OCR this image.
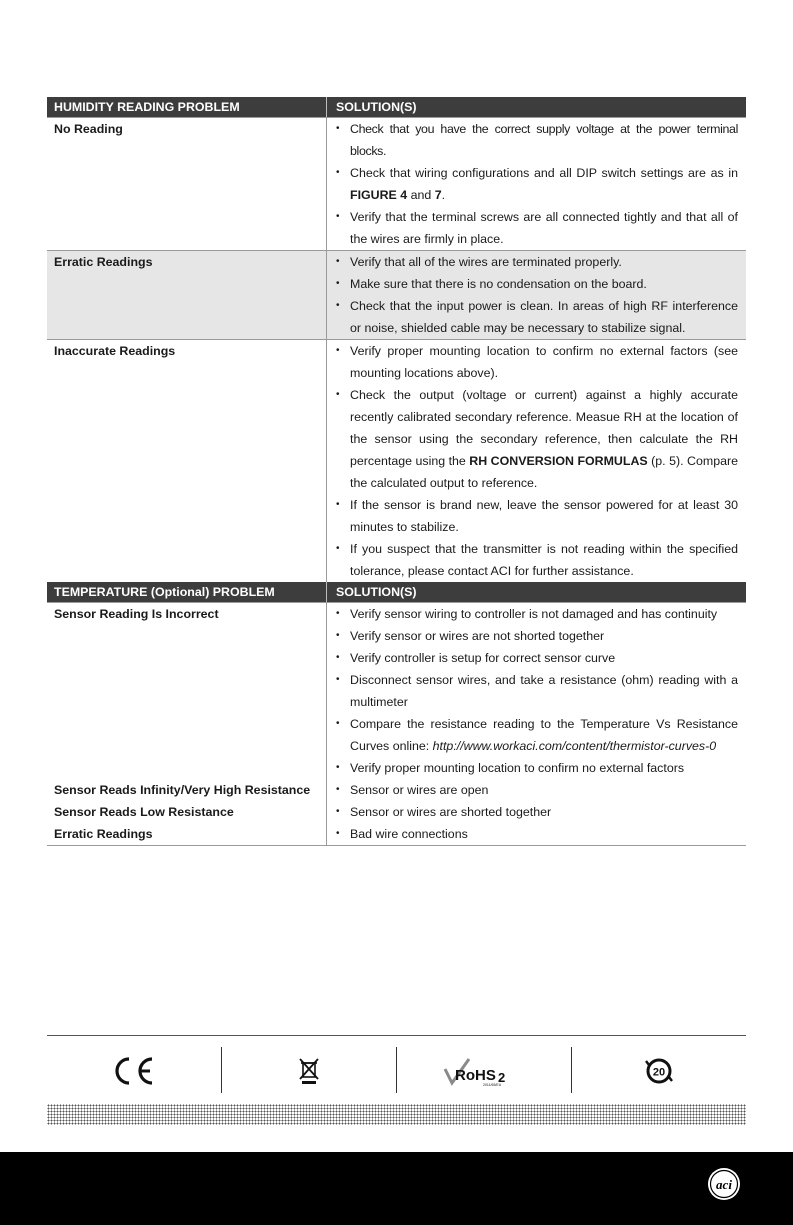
HUMIDITY READING PROBLEM	SOLUTION(S)
No Reading	• Check that you have the correct supply voltage at the power terminal blocks.
• Check that wiring configurations and all DIP switch settings are as in FIGURE 4 and 7.
• Verify that the terminal screws are all connected tightly and that all of the wires are firmly in place.
Erratic Readings	• Verify that all of the wires are terminated properly.
• Make sure that there is no condensation on the board.
• Check that the input power is clean. In areas of high RF interference or noise, shielded cable may be necessary to stabilize signal.
Inaccurate Readings	• Verify proper mounting location to confirm no external factors (see mounting locations above).
• Check the output (voltage or current) against a highly accurate recently calibrated secondary reference. Measue RH at the location of the sensor using the secondary reference, then calculate the RH percentage using the RH CONVERSION FORMULAS (p. 5). Compare the calculated output to reference.
• If the sensor is brand new, leave the sensor powered for at least 30 minutes to stabilize.
• If you suspect that the transmitter is not reading within the specified tolerance, please contact ACI for further assistance.
TEMPERATURE (Optional) PROBLEM	SOLUTION(S)
Sensor Reading Is Incorrect	• Verify sensor wiring to controller is not damaged and has continuity
• Verify sensor or wires are not shorted together
• Verify controller is setup for correct sensor curve
• Disconnect sensor wires, and take a resistance (ohm) reading with a multimeter
• Compare the resistance reading to the Temperature Vs Resistance Curves online: http://www.workaci.com/content/thermistor-curves-0
• Verify proper mounting location to confirm no external factors
Sensor Reads Infinity/Very High Resistance	• Sensor or wires are open
Sensor Reads Low Resistance	• Sensor or wires are shorted together
Erratic Readings	• Bad wire connections
RoHS 2
2011/65/EU
20
aci
